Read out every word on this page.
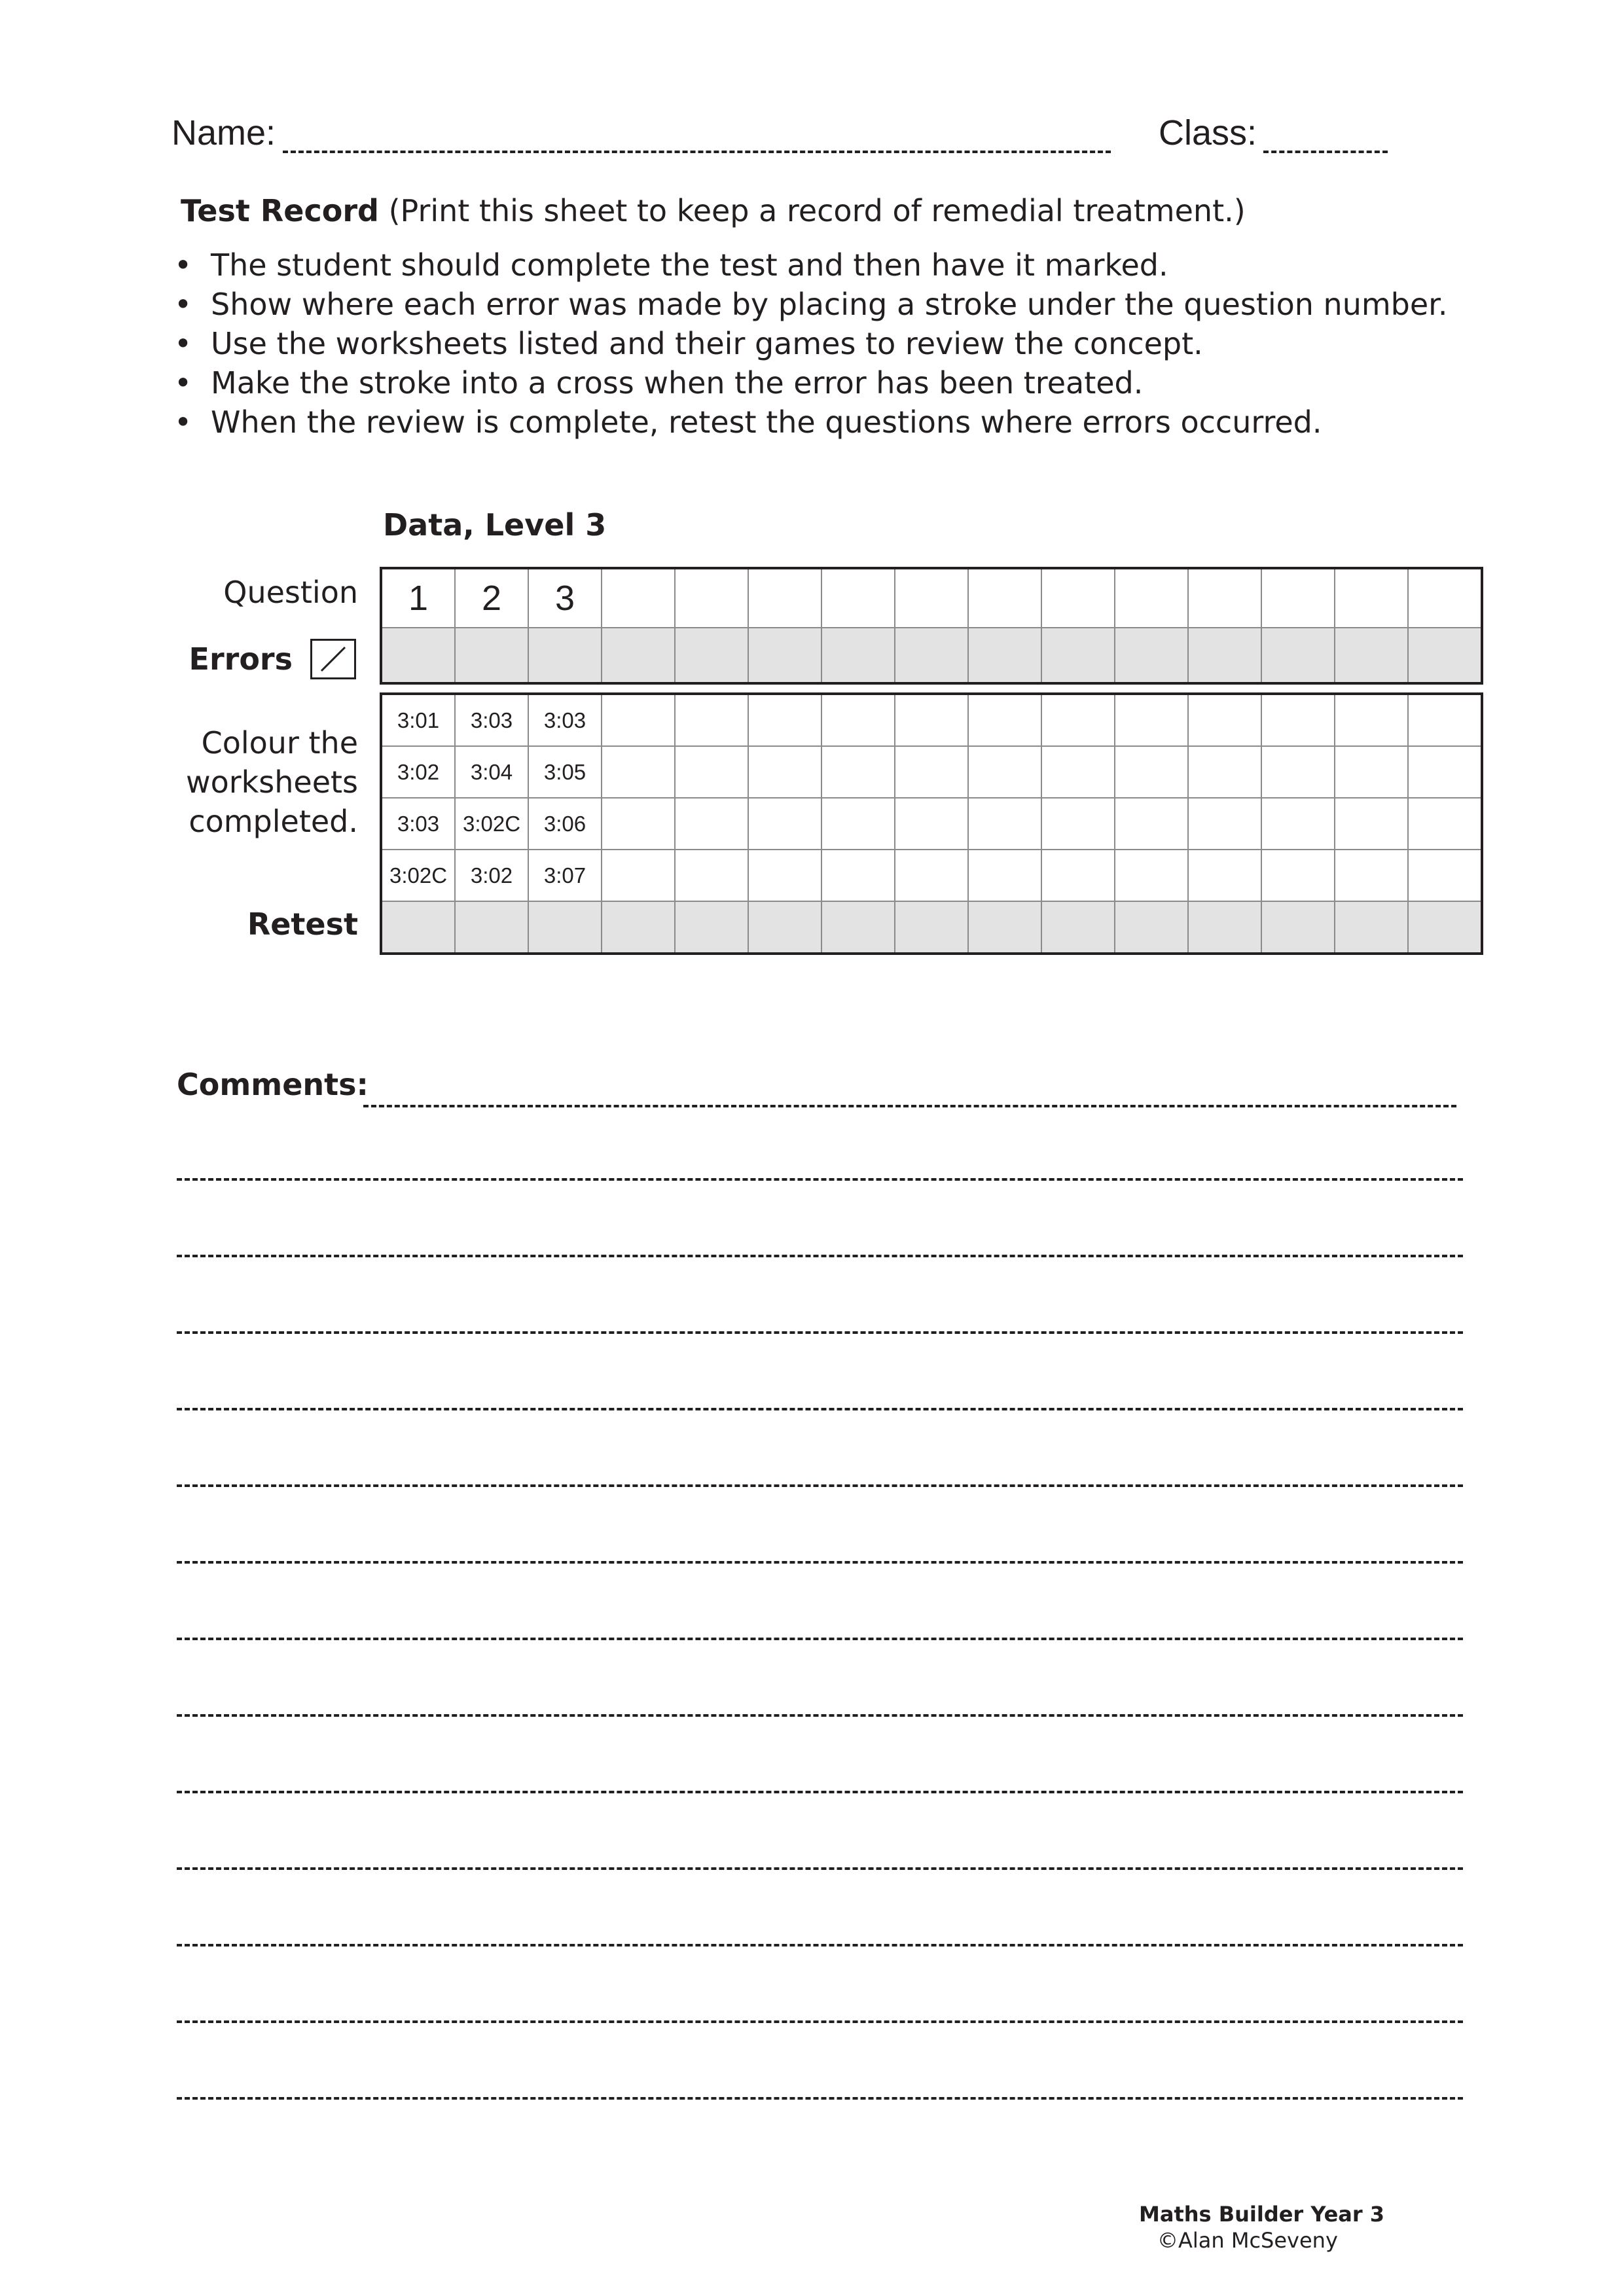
Name:	Class:
Test Record (Print this sheet to keep a record of remedial treatment.)
• The student should complete the test and then have it marked.
• Show where each error was made by placing a stroke under the question number.
• Use the worksheets listed and their games to review the concept.
• Make the stroke into a cross when the error has been treated.
• When the review is complete, retest the questions where errors occurred.
Data, Level 3
Question
Errors
Colour the
worksheets
completed.
Retest
1	2	3												

3:01	3:03	3:03												
3:02	3:04	3:05												
3:03	3:02C	3:06												
3:02C	3:02	3:07												

Comments:
Maths Builder Year 3
©Alan McSeveny
